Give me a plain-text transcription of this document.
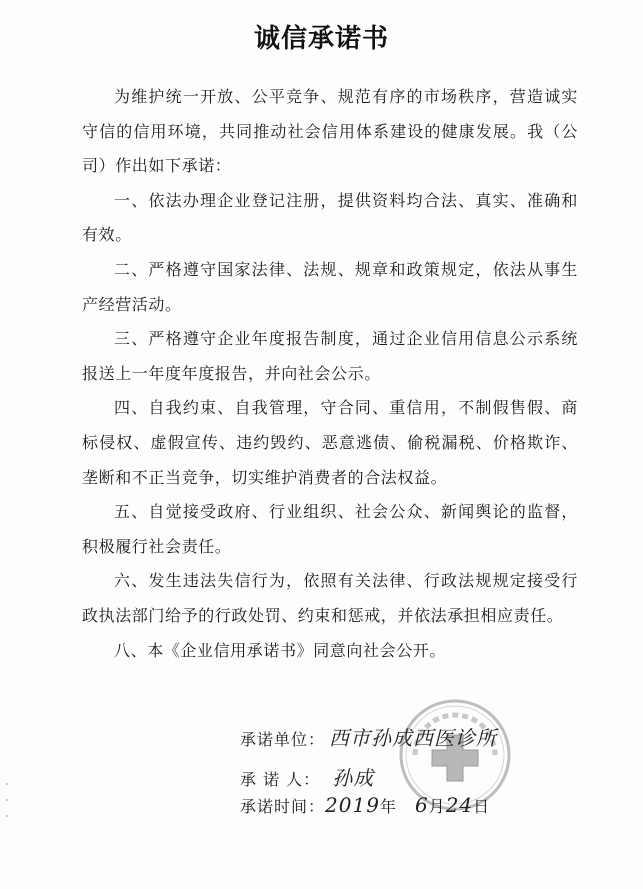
诚信承诺书

为维护统一开放、公平竞争、规范有序的市场秩序，营造诚实守信的信用环境，共同推动社会信用体系建设的健康发展。我（公司）作出如下承诺：

一、依法办理企业登记注册，提供资料均合法、真实、准确和有效。

二、严格遵守国家法律、法规、规章和政策规定，依法从事生产经营活动。

三、严格遵守企业年度报告制度，通过企业信用信息公示系统报送上一年度年度报告，并向社会公示。

四、自我约束、自我管理，守合同、重信用，不制假售假、商标侵权、虚假宣传、违约毁约、恶意逃债、偷税漏税、价格欺诈、垄断和不正当竞争，切实维护消费者的合法权益。

五、自觉接受政府、行业组织、社会公众、新闻舆论的监督，积极履行社会责任。

六、发生违法失信行为，依照有关法律、行政法规规定接受行政执法部门给予的行政处罚、约束和惩戒，并依法承担相应责任。

八、本《企业信用承诺书》同意向社会公开。

承诺单位： 西市孙成西医诊所
承 诺 人： 孙成
承诺时间：2019年 6月24日
